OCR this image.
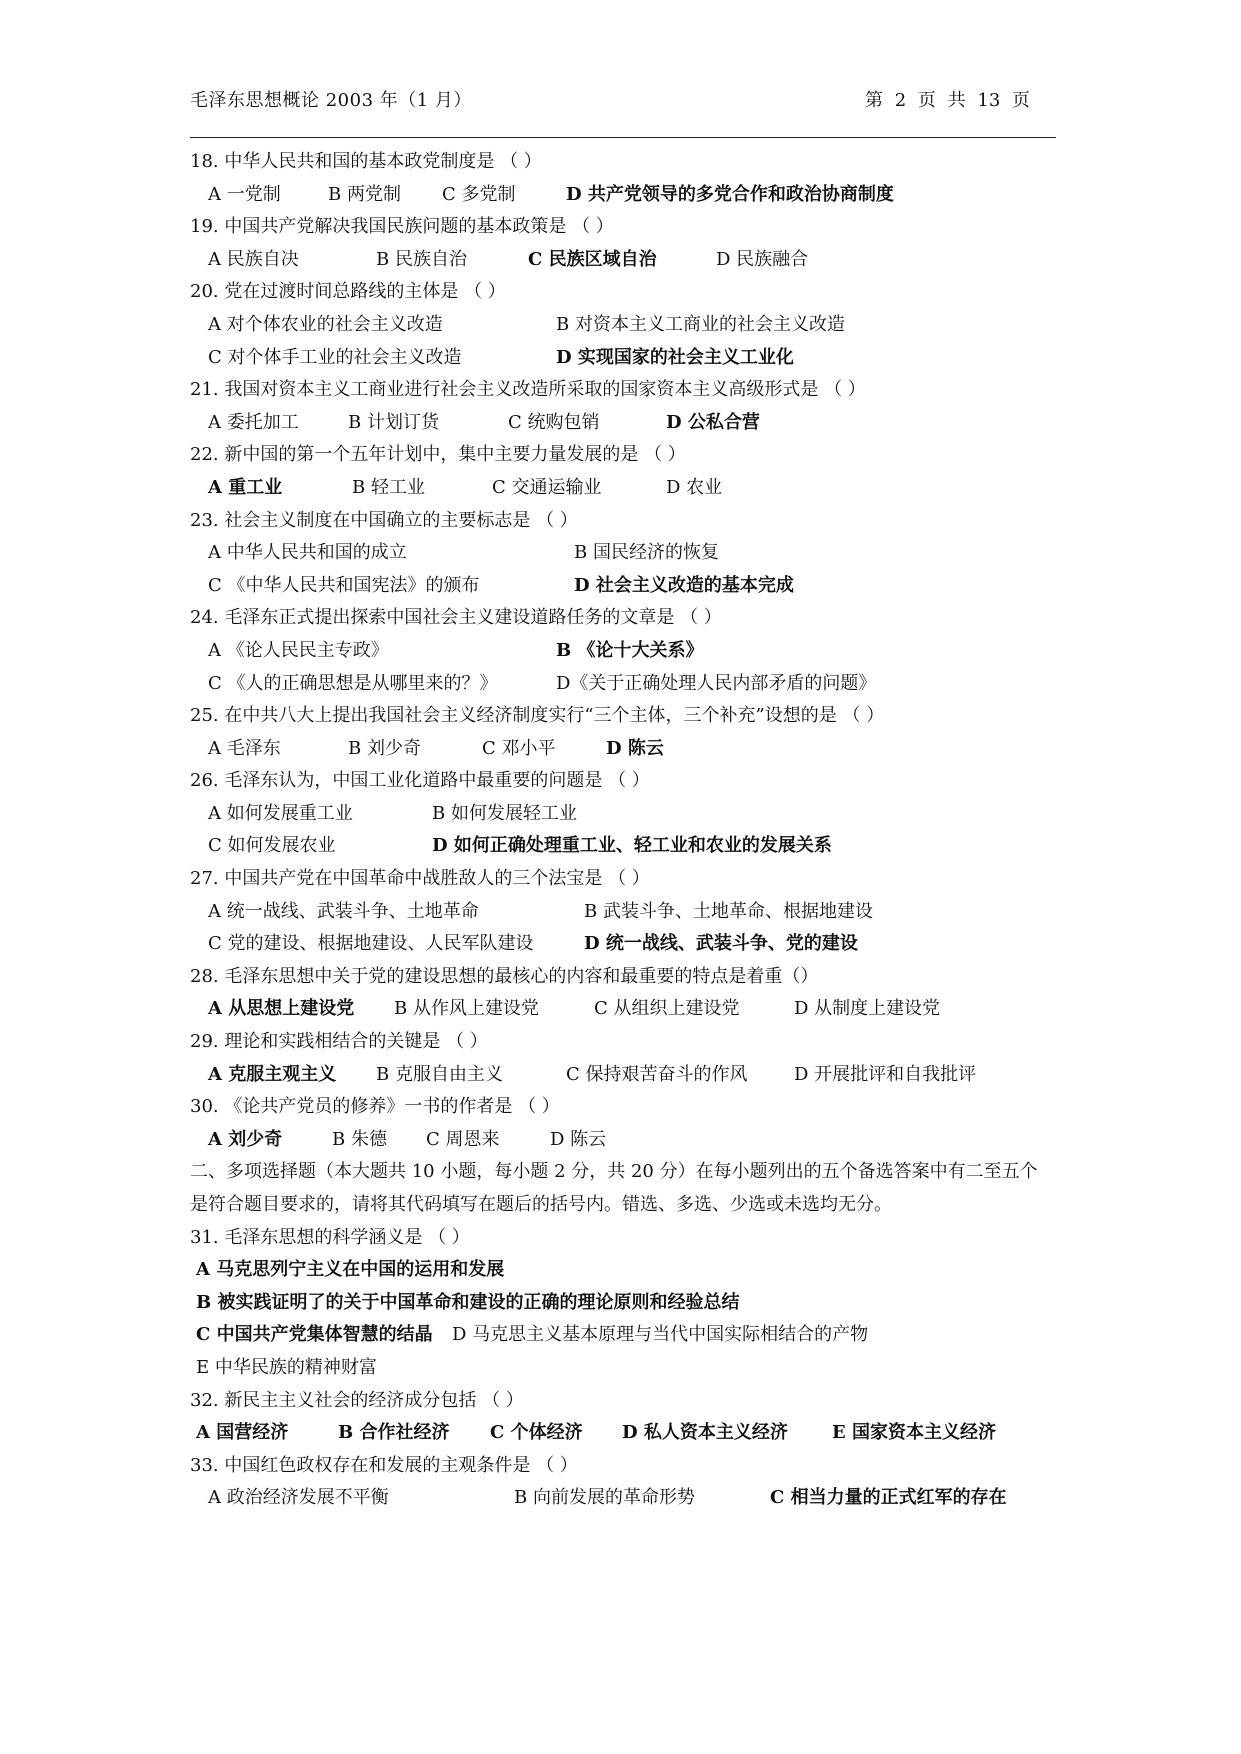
毛泽东思想概论 2003 年（1 月）	第 2 页 共 13 页
18. 中华人民共和国的基本政党制度是 （ ）
A 一党制	B 两党制 C 多党制	D 共产党领导的多党合作和政治协商制度
19. 中国共产党解决我国民族问题的基本政策是 （ ）
A 民族自决	B 民族自治	C 民族区域自治	D 民族融合
20. 党在过渡时间总路线的主体是 （ ）
A 对个体农业的社会主义改造	B 对资本主义工商业的社会主义改造
C 对个体手工业的社会主义改造	D 实现国家的社会主义工业化
21. 我国对资本主义工商业进行社会主义改造所采取的国家资本主义高级形式是 （ ）
A 委托加工	B 计划订货	C 统购包销	D 公私合营
22. 新中国的第一个五年计划中，集中主要力量发展的是 （ ）
A 重工业	B 轻工业	C 交通运输业	D 农业
23. 社会主义制度在中国确立的主要标志是 （ ）
A 中华人民共和国的成立	B 国民经济的恢复
C 《中华人民共和国宪法》的颁布	D 社会主义改造的基本完成
24. 毛泽东正式提出探索中国社会主义建设道路任务的文章是 （ ）
A 《论人民民主专政》	B 《论十大关系》
C 《人的正确思想是从哪里来的？》	D《关于正确处理人民内部矛盾的问题》
25. 在中共八大上提出我国社会主义经济制度实行“三个主体，三个补充”设想的是 （ ）
A 毛泽东	B 刘少奇	C 邓小平	D 陈云
26. 毛泽东认为，中国工业化道路中最重要的问题是 （ ）
A 如何发展重工业	B 如何发展轻工业
C 如何发展农业	D 如何正确处理重工业、轻工业和农业的发展关系
27. 中国共产党在中国革命中战胜敌人的三个法宝是 （ ）
A 统一战线、武装斗争、土地革命	B 武装斗争、土地革命、根据地建设
C 党的建设、根据地建设、人民军队建设	D 统一战线、武装斗争、党的建设
28. 毛泽东思想中关于党的建设思想的最核心的内容和最重要的特点是着重（）
A 从思想上建设党 B 从作风上建设党	C 从组织上建设党	D 从制度上建设党
29. 理论和实践相结合的关键是 （ ）
A 克服主观主义 B 克服自由主义	C 保持艰苦奋斗的作风	D 开展批评和自我批评
30. 《论共产党员的修养》一书的作者是 （ ）
A 刘少奇	B 朱德 C 周恩来	D 陈云
二、多项选择题（本大题共 10 小题，每小题 2 分，共 20 分）在每小题列出的五个备选答案中有二至五个
是符合题目要求的，请将其代码填写在题后的括号内。错选、多选、少选或未选均无分。
31. 毛泽东思想的科学涵义是 （ ）
A 马克思列宁主义在中国的运用和发展
B 被实践证明了的关于中国革命和建设的正确的理论原则和经验总结
C 中国共产党集体智慧的结晶 D 马克思主义基本原理与当代中国实际相结合的产物
E 中华民族的精神财富
32. 新民主主义社会的经济成分包括 （ ）
A 国营经济	B 合作社经济 C 个体经济 D 私人资本主义经济 E 国家资本主义经济
33. 中国红色政权存在和发展的主观条件是 （ ）
A 政治经济发展不平衡	B 向前发展的革命形势	C 相当力量的正式红军的存在
